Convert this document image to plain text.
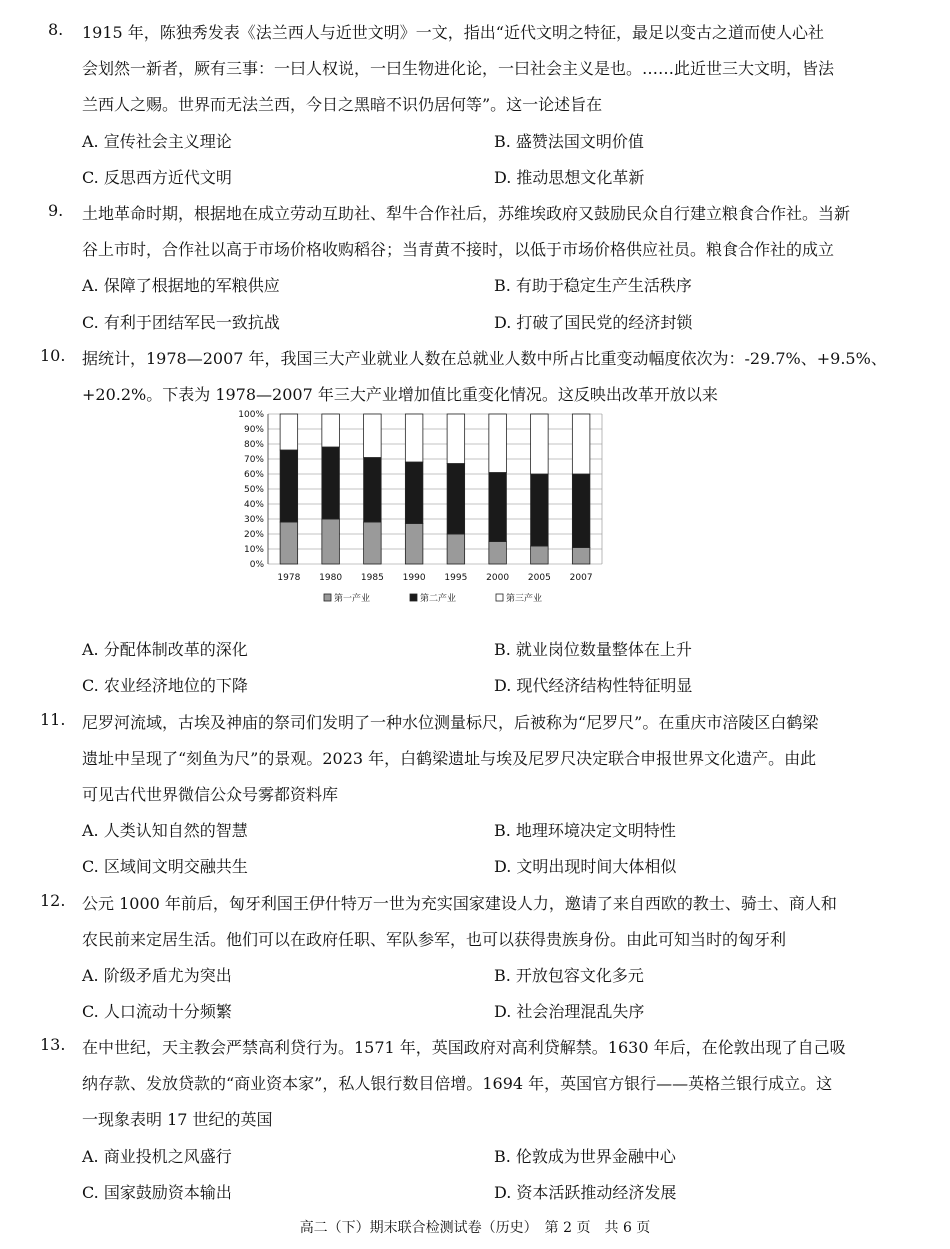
8. 1915 年，陈独秀发表《法兰西人与近世文明》一文，指出“近代文明之特征，最足以变古之道而使人心社
会划然一新者，厥有三事：一曰人权说，一曰生物进化论，一曰社会主义是也。……此近世三大文明，皆法
兰西人之赐。世界而无法兰西，今日之黑暗不识仍居何等”。这一论述旨在
A. 宣传社会主义理论	B. 盛赞法国文明价值
C. 反思西方近代文明	D. 推动思想文化革新
9. 土地革命时期，根据地在成立劳动互助社、犁牛合作社后，苏维埃政府又鼓励民众自行建立粮食合作社。当新
谷上市时，合作社以高于市场价格收购稻谷；当青黄不接时，以低于市场价格供应社员。粮食合作社的成立
A. 保障了根据地的军粮供应	B. 有助于稳定生产生活秩序
C. 有利于团结军民一致抗战	D. 打破了国民党的经济封锁
10. 据统计，1978—2007 年，我国三大产业就业人数在总就业人数中所占比重变动幅度依次为：-29.7%、+9.5%、
+20.2%。下表为 1978—2007 年三大产业增加值比重变化情况。这反映出改革开放以来
0%
10%
20%
30%
40%
50%
60%
70%
80%
90%
100%
1978 1980 1985 1990 1995 2000 2005 2007
第一产业	第二产业	第三产业
A. 分配体制改革的深化	B. 就业岗位数量整体在上升
C. 农业经济地位的下降	D. 现代经济结构性特征明显
11. 尼罗河流域，古埃及神庙的祭司们发明了一种水位测量标尺，后被称为“尼罗尺”。在重庆市涪陵区白鹤梁
遗址中呈现了“刻鱼为尺”的景观。2023 年，白鹤梁遗址与埃及尼罗尺决定联合申报世界文化遗产。由此
可见古代世界微信公众号雾都资料库
A. 人类认知自然的智慧	B. 地理环境决定文明特性
C. 区域间文明交融共生	D. 文明出现时间大体相似
12. 公元 1000 年前后，匈牙利国王伊什特万一世为充实国家建设人力，邀请了来自西欧的教士、骑士、商人和
农民前来定居生活。他们可以在政府任职、军队参军，也可以获得贵族身份。由此可知当时的匈牙利
A. 阶级矛盾尤为突出	B. 开放包容文化多元
C. 人口流动十分频繁	D. 社会治理混乱失序
13. 在中世纪，天主教会严禁高利贷行为。1571 年，英国政府对高利贷解禁。1630 年后，在伦敦出现了自己吸
纳存款、发放贷款的“商业资本家”，私人银行数目倍增。1694 年，英国官方银行——英格兰银行成立。这
一现象表明 17 世纪的英国
A. 商业投机之风盛行	B. 伦敦成为世界金融中心
C. 国家鼓励资本输出	D. 资本活跃推动经济发展
高二（下）期末联合检测试卷（历史）　第 2 页　共 6 页
